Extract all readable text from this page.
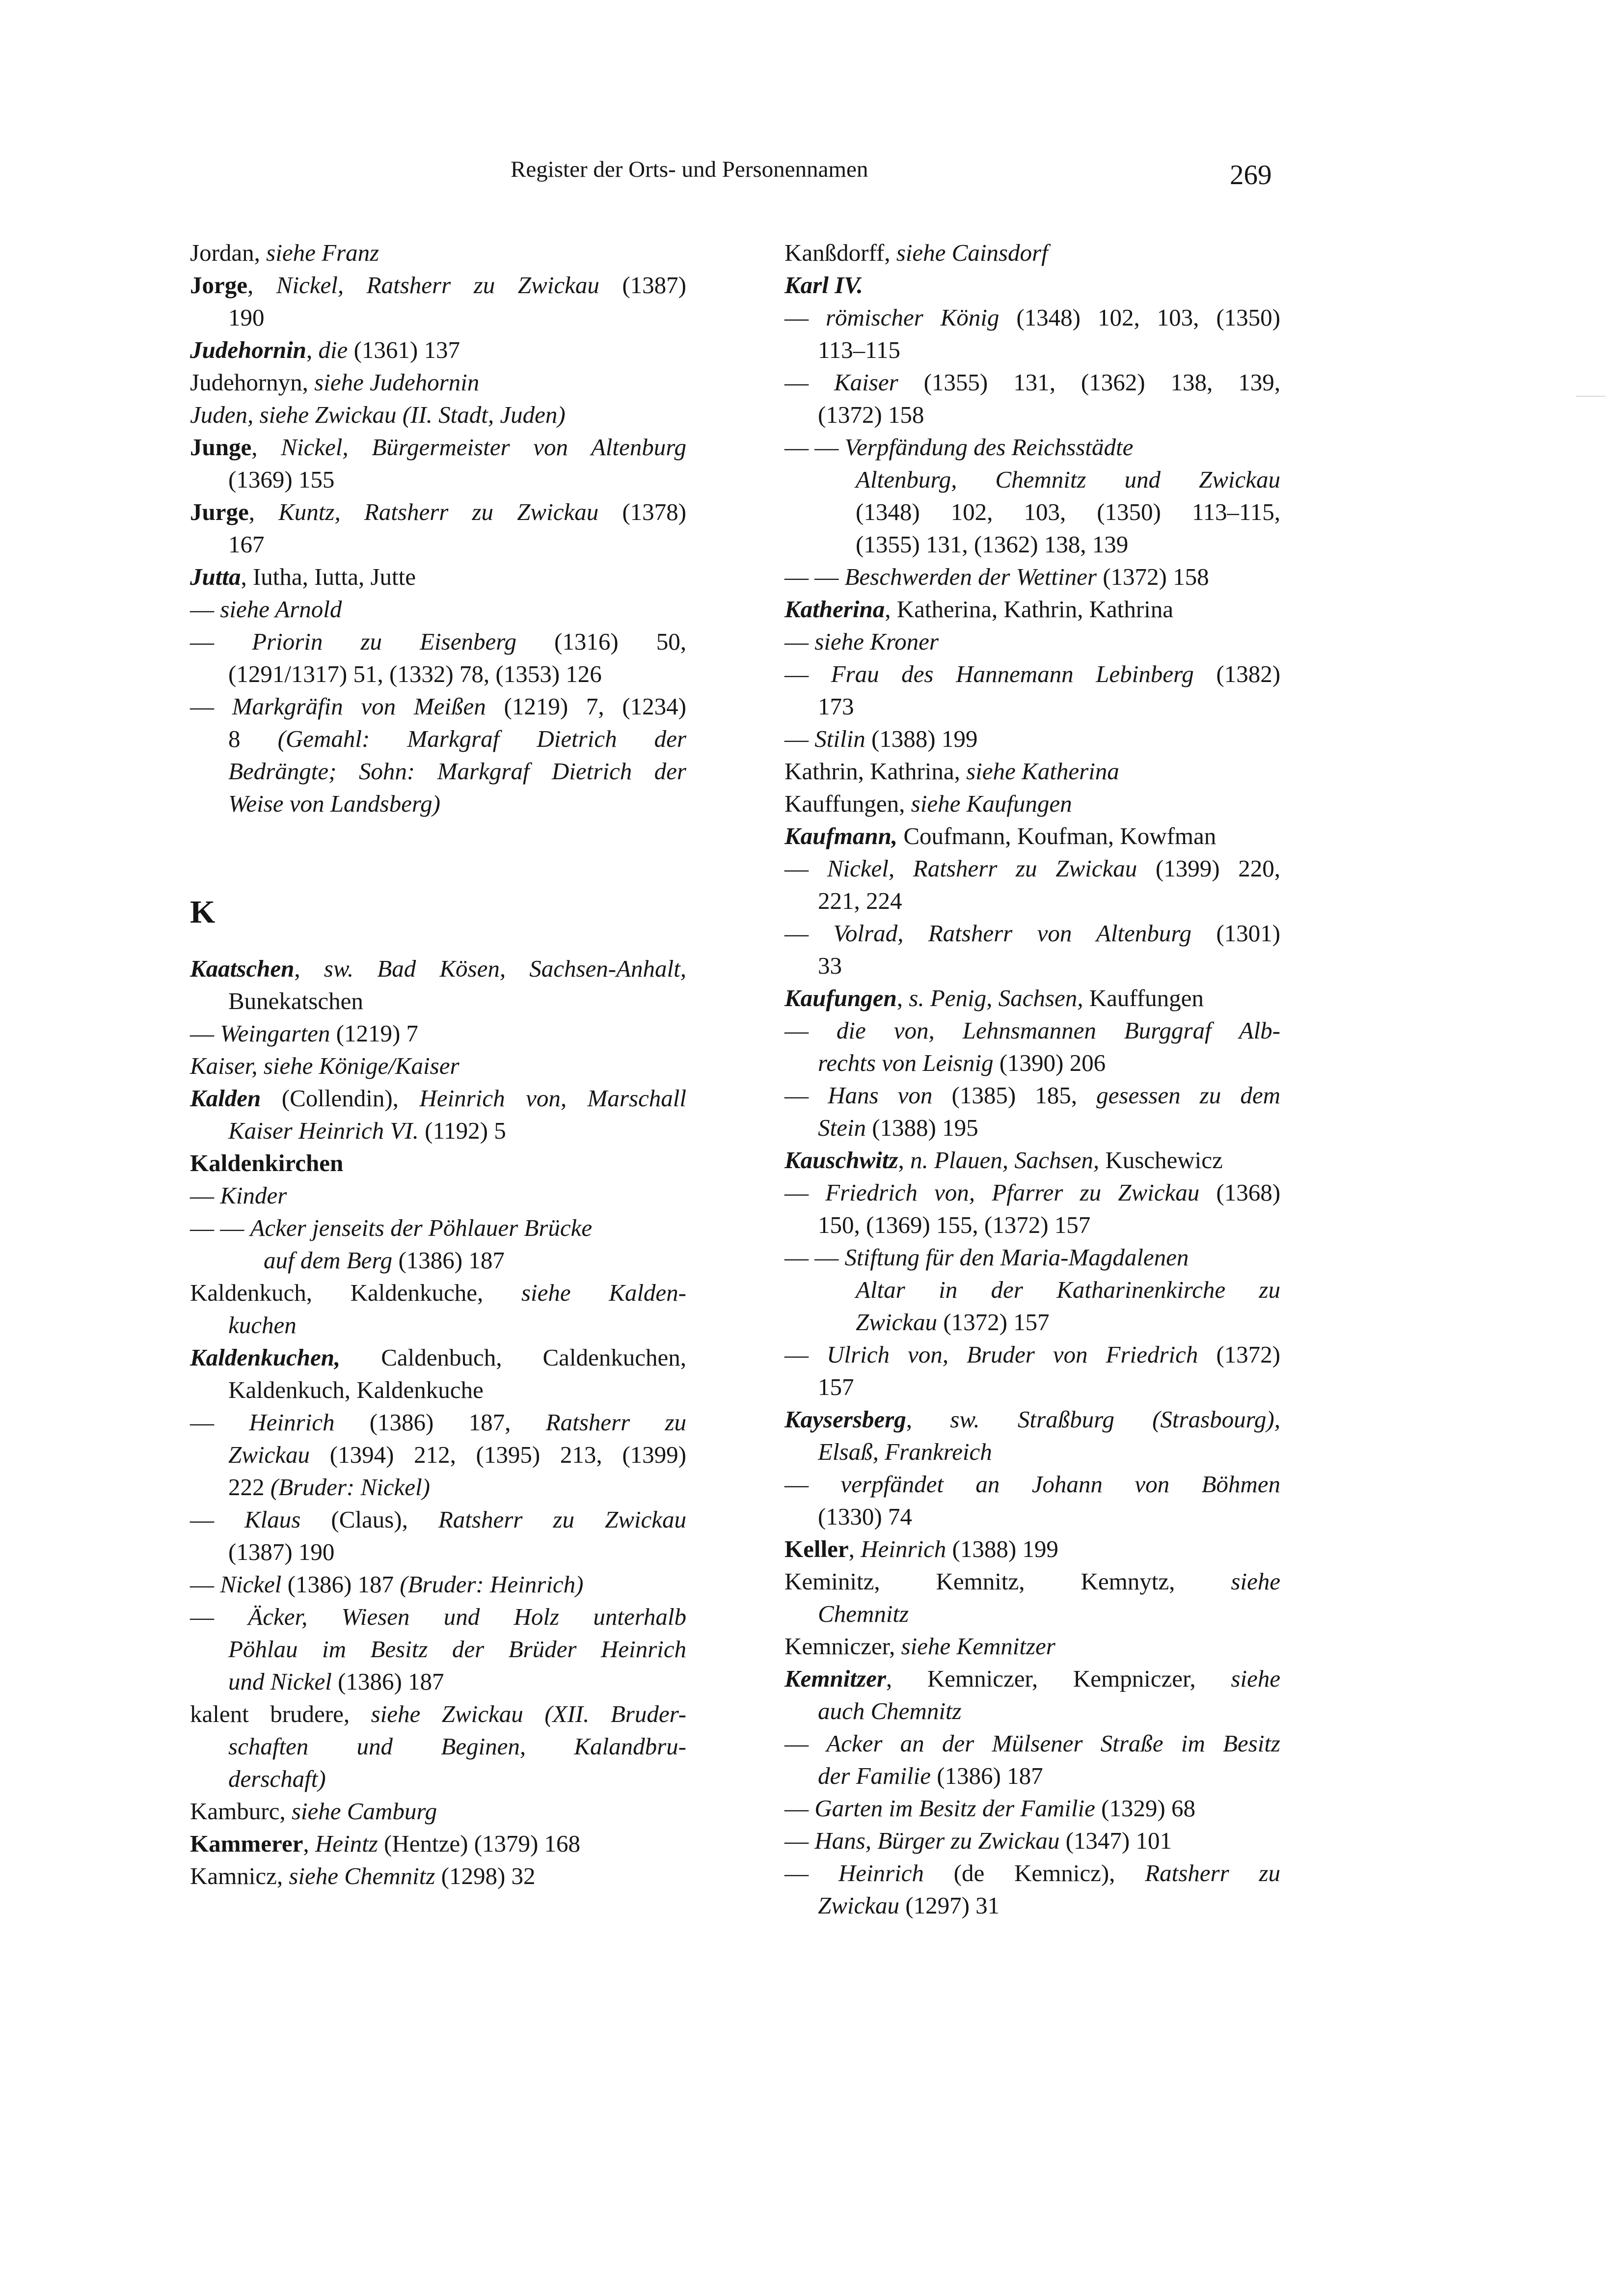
Register der Orts- und Personennamen	269
Jordan, siehe Franz
Jorge, Nickel, Ratsherr zu Zwickau (1387)
190
Judehornin, die (1361) 137
Judehornyn, siehe Judehornin
Juden, siehe Zwickau (II. Stadt, Juden)
Junge, Nickel, Bürgermeister von Altenburg
(1369) 155
Jurge, Kuntz, Ratsherr zu Zwickau (1378)
167
Jutta, Iutha, Iutta, Jutte
— siehe Arnold
— Priorin zu Eisenberg (1316) 50,
(1291/1317) 51, (1332) 78, (1353) 126
— Markgräfin von Meißen (1219) 7, (1234)
8 (Gemahl: Markgraf Dietrich der
Bedrängte; Sohn: Markgraf Dietrich der
Weise von Landsberg)
K
Kaatschen, sw. Bad Kösen, Sachsen-Anhalt,
Bunekatschen
— Weingarten (1219) 7
Kaiser, siehe Könige/Kaiser
Kalden (Collendin), Heinrich von, Marschall
Kaiser Heinrich VI. (1192) 5
Kaldenkirchen
— Kinder
— — Acker jenseits der Pöhlauer Brücke
auf dem Berg (1386) 187
Kaldenkuch, Kaldenkuche, siehe Kalden-
kuchen
Kaldenkuchen, Caldenbuch, Caldenkuchen,
Kaldenkuch, Kaldenkuche
— Heinrich (1386) 187, Ratsherr zu
Zwickau (1394) 212, (1395) 213, (1399)
222 (Bruder: Nickel)
— Klaus (Claus), Ratsherr zu Zwickau
(1387) 190
— Nickel (1386) 187 (Bruder: Heinrich)
— Äcker, Wiesen und Holz unterhalb
Pöhlau im Besitz der Brüder Heinrich
und Nickel (1386) 187
kalent brudere, siehe Zwickau (XII. Bruder-
schaften und Beginen, Kalandbru-
derschaft)
Kamburc, siehe Camburg
Kammerer, Heintz (Hentze) (1379) 168
Kamnicz, siehe Chemnitz (1298) 32
Kanßdorff, siehe Cainsdorf
Karl IV.
— römischer König (1348) 102, 103, (1350)
113–115
— Kaiser (1355) 131, (1362) 138, 139,
(1372) 158
— — Verpfändung des Reichsstädte
Altenburg, Chemnitz und Zwickau
(1348) 102, 103, (1350) 113–115,
(1355) 131, (1362) 138, 139
— — Beschwerden der Wettiner (1372) 158
Katherina, Katherina, Kathrin, Kathrina
— siehe Kroner
— Frau des Hannemann Lebinberg (1382)
173
— Stilin (1388) 199
Kathrin, Kathrina, siehe Katherina
Kauffungen, siehe Kaufungen
Kaufmann, Coufmann, Koufman, Kowfman
— Nickel, Ratsherr zu Zwickau (1399) 220,
221, 224
— Volrad, Ratsherr von Altenburg (1301)
33
Kaufungen, s. Penig, Sachsen, Kauffungen
— die von, Lehnsmannen Burggraf Alb-
rechts von Leisnig (1390) 206
— Hans von (1385) 185, gesessen zu dem
Stein (1388) 195
Kauschwitz, n. Plauen, Sachsen, Kuschewicz
— Friedrich von, Pfarrer zu Zwickau (1368)
150, (1369) 155, (1372) 157
— — Stiftung für den Maria-Magdalenen
Altar in der Katharinenkirche zu
Zwickau (1372) 157
— Ulrich von, Bruder von Friedrich (1372)
157
Kaysersberg, sw. Straßburg (Strasbourg),
Elsaß, Frankreich
— verpfändet an Johann von Böhmen
(1330) 74
Keller, Heinrich (1388) 199
Keminitz, Kemnitz, Kemnytz, siehe
Chemnitz
Kemniczer, siehe Kemnitzer
Kemnitzer, Kemniczer, Kempniczer, siehe
auch Chemnitz
— Acker an der Mülsener Straße im Besitz
der Familie (1386) 187
— Garten im Besitz der Familie (1329) 68
— Hans, Bürger zu Zwickau (1347) 101
— Heinrich (de Kemnicz), Ratsherr zu
Zwickau (1297) 31
